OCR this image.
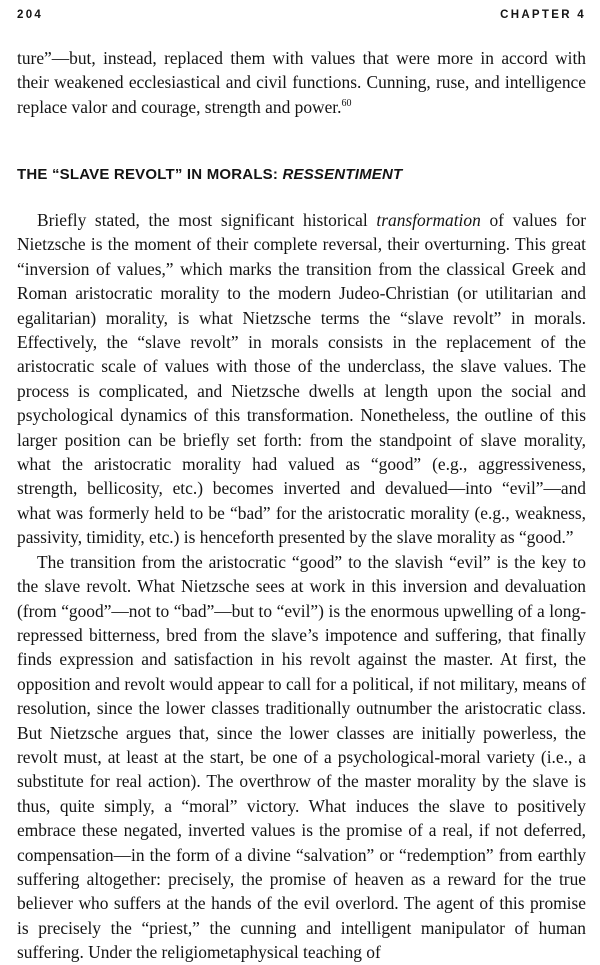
204	CHAPTER 4

ture”—but, instead, replaced them with values that were more in accord with their weakened ecclesiastical and civil functions. Cunning, ruse, and intelligence replace valor and courage, strength and power.$^{60}$

THE “SLAVE REVOLT” IN MORALS: RESSENTIMENT

Briefly stated, the most significant historical transformation of values for Nietzsche is the moment of their complete reversal, their overturning. This great “inversion of values,” which marks the transition from the classical Greek and Roman aristocratic morality to the modern Judeo-Christian (or utilitarian and egalitarian) morality, is what Nietzsche terms the “slave revolt” in morals. Effectively, the “slave revolt” in morals consists in the replacement of the aristocratic scale of values with those of the underclass, the slave values. The process is complicated, and Nietzsche dwells at length upon the social and psychological dynamics of this transformation. Nonetheless, the outline of this larger position can be briefly set forth: from the standpoint of slave morality, what the aristocratic morality had valued as “good” (e.g., aggressiveness, strength, bellicosity, etc.) becomes inverted and devalued—into “evil”—and what was formerly held to be “bad” for the aristocratic morality (e.g., weakness, passivity, timidity, etc.) is henceforth presented by the slave morality as “good.”

The transition from the aristocratic “good” to the slavish “evil” is the key to the slave revolt. What Nietzsche sees at work in this inversion and devaluation (from “good”—not to “bad”—but to “evil”) is the enormous upwelling of a long-repressed bitterness, bred from the slave’s impotence and suffering, that finally finds expression and satisfaction in his revolt against the master. At first, the opposition and revolt would appear to call for a political, if not military, means of resolution, since the lower classes traditionally outnumber the aristocratic class. But Nietzsche argues that, since the lower classes are initially powerless, the revolt must, at least at the start, be one of a psychological-moral variety (i.e., a substitute for real action). The overthrow of the master morality by the slave is thus, quite simply, a “moral” victory. What induces the slave to positively embrace these negated, inverted values is the promise of a real, if not deferred, compensation—in the form of a divine “salvation” or “redemption” from earthly suffering altogether: precisely, the promise of heaven as a reward for the true believer who suffers at the hands of the evil overlord. The agent of this promise is precisely the “priest,” the cunning and intelligent manipulator of human suffering. Under the religiometaphysical teaching of
